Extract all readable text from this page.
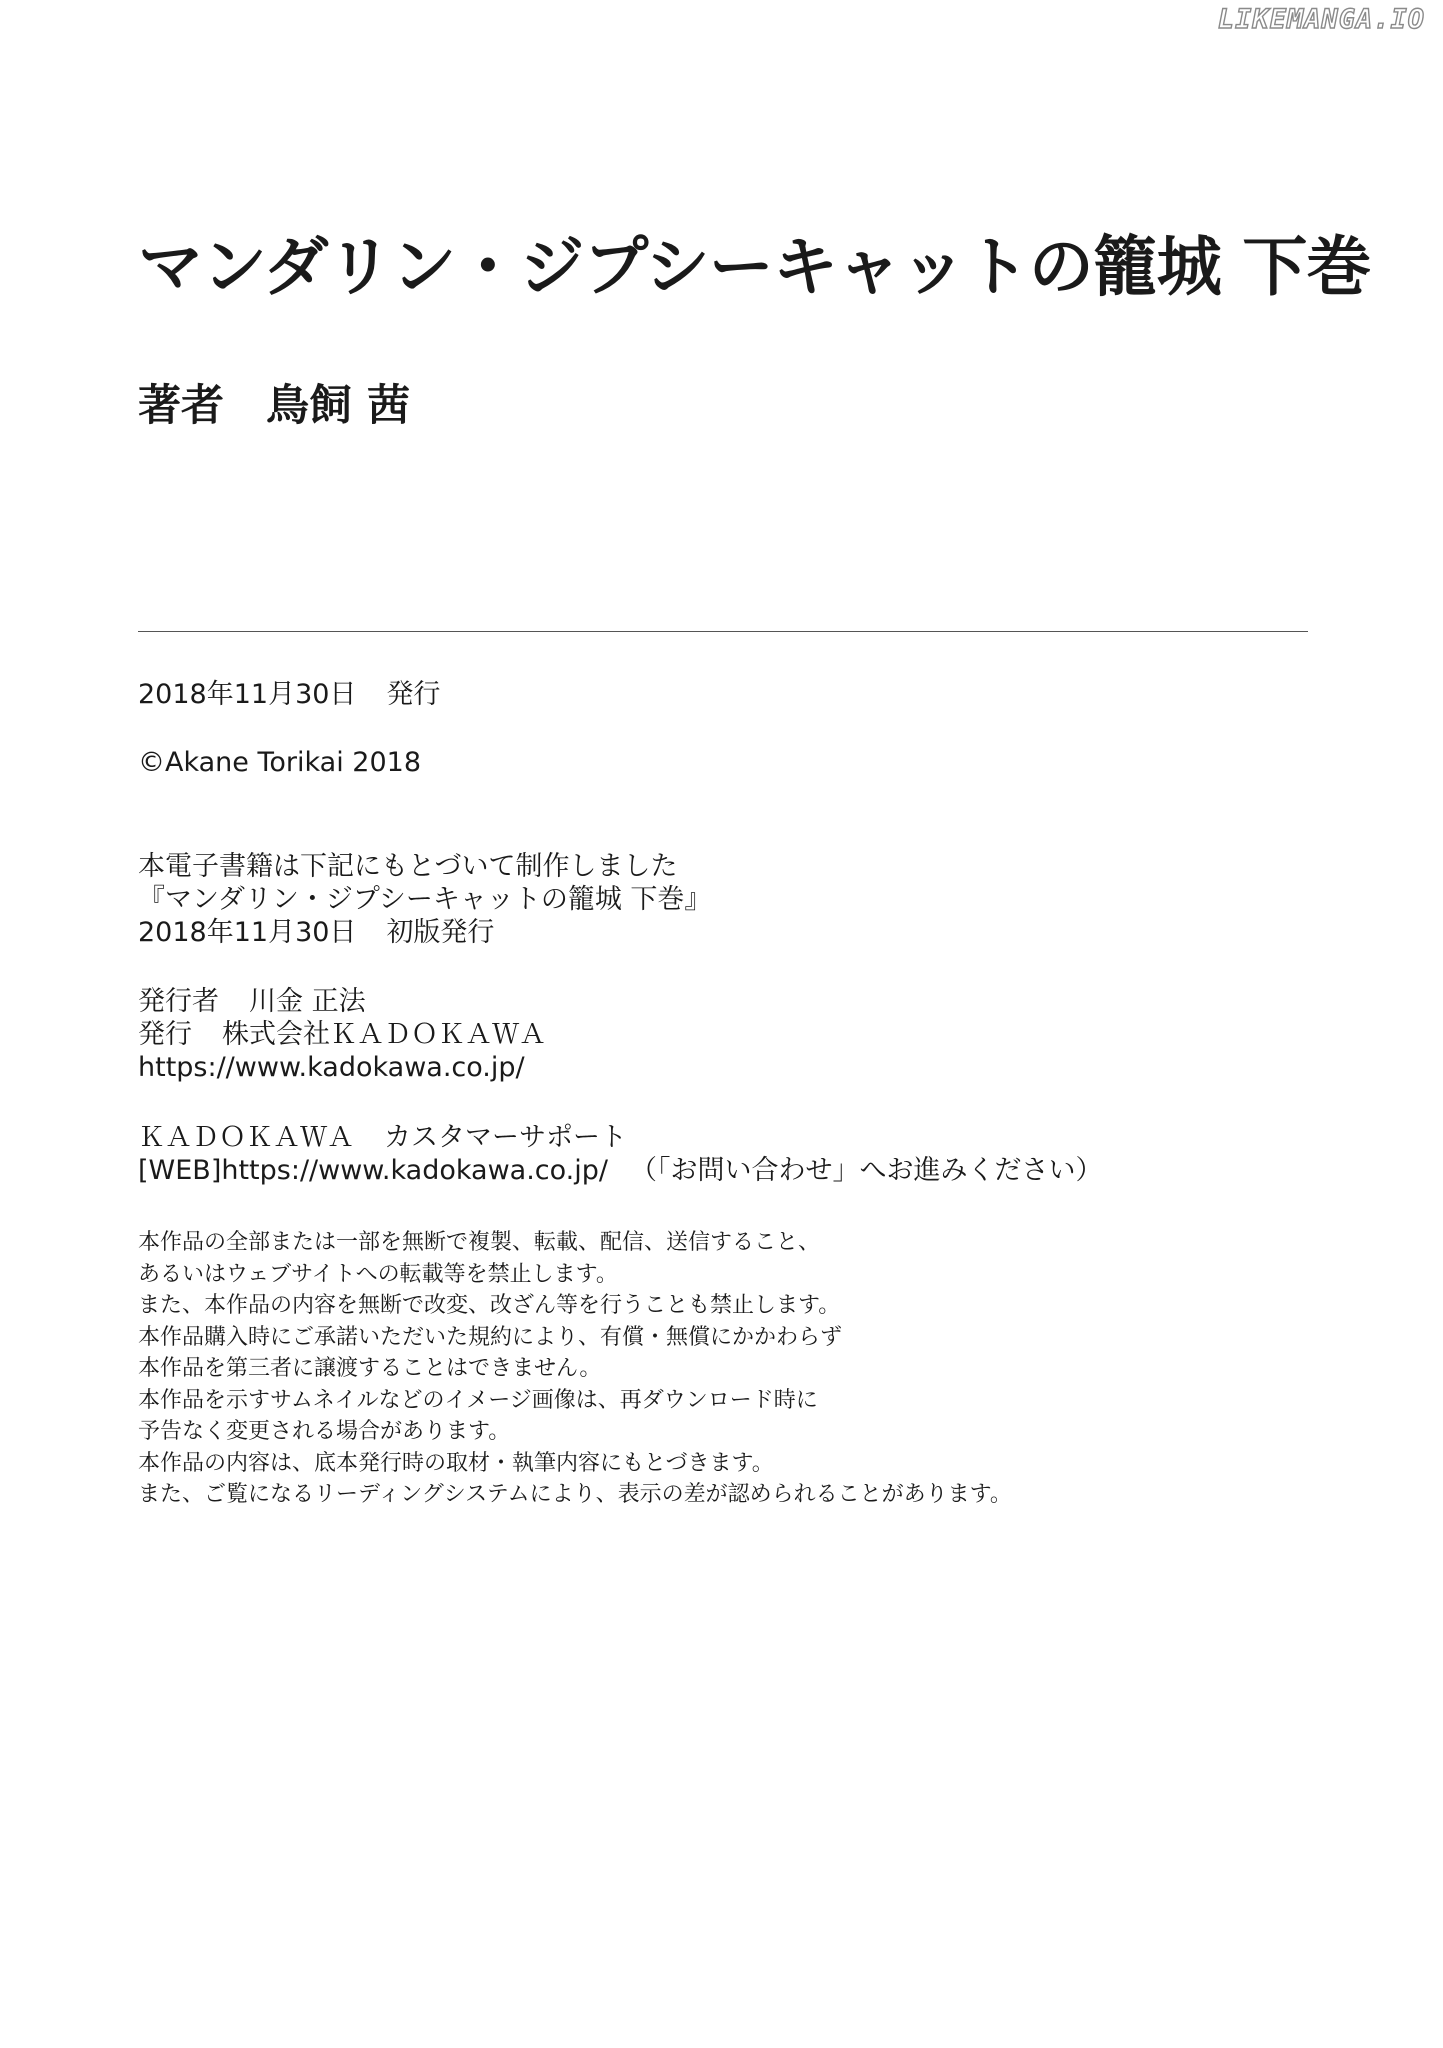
LIKEMANGA.IO
マンダリン・ジプシーキャットの籠城 下巻
著者 鳥飼 茜
2018年11月30日 発行
©Akane Torikai 2018
本電子書籍は下記にもとづいて制作しました
『マンダリン・ジプシーキャットの籠城 下巻』
2018年11月30日 初版発行
発行者 川金 正法
発行 株式会社ＫＡＤＯＫＡＷＡ
https://www.kadokawa.co.jp/
ＫＡＤＯＫＡＷＡ カスタマーサポート
[WEB]https://www.kadokawa.co.jp/ （「お問い合わせ」へお進みください）
本作品の全部または一部を無断で複製、転載、配信、送信すること、
あるいはウェブサイトへの転載等を禁止します。
また、本作品の内容を無断で改変、改ざん等を行うことも禁止します。
本作品購入時にご承諾いただいた規約により、有償・無償にかかわらず
本作品を第三者に譲渡することはできません。
本作品を示すサムネイルなどのイメージ画像は、再ダウンロード時に
予告なく変更される場合があります。
本作品の内容は、底本発行時の取材・執筆内容にもとづきます。
また、ご覧になるリーディングシステムにより、表示の差が認められることがあります。
